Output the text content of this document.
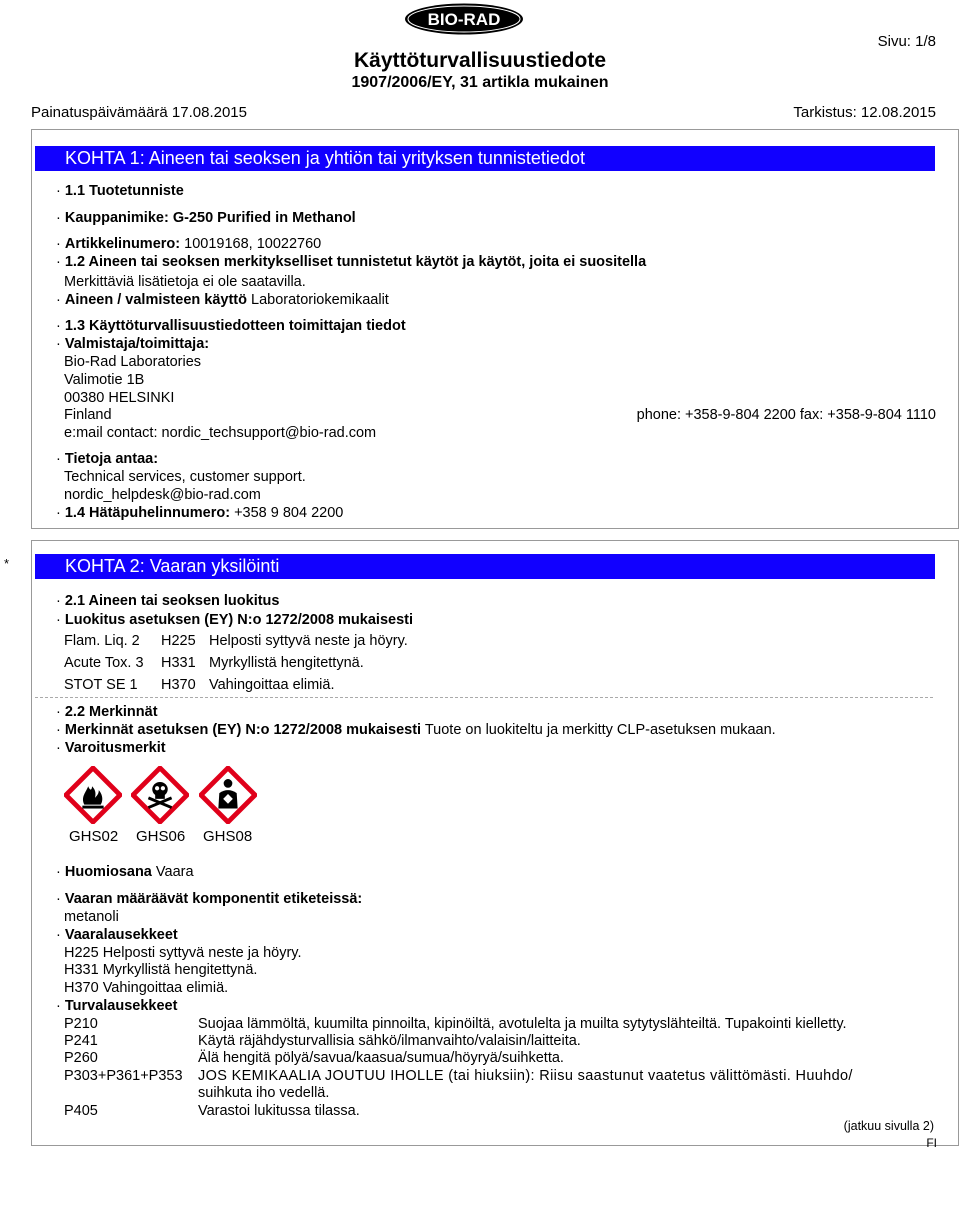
BIO-RAD
Sivu: 1/8
Käyttöturvallisuustiedote
1907/2006/EY, 31 artikla mukainen
Painatuspäivämäärä 17.08.2015	Tarkistus: 12.08.2015
KOHTA 1: Aineen tai seoksen ja yhtiön tai yrityksen tunnistetiedot
· 1.1 Tuotetunniste
· Kauppanimike: G-250 Purified in Methanol
· Artikkelinumero: 10019168, 10022760
· 1.2 Aineen tai seoksen merkitykselliset tunnistetut käytöt ja käytöt, joita ei suositella
Merkittäviä lisätietoja ei ole saatavilla.
· Aineen / valmisteen käyttö Laboratoriokemikaalit
· 1.3 Käyttöturvallisuustiedotteen toimittajan tiedot
· Valmistaja/toimittaja:
Bio-Rad Laboratories
Valimotie 1B
00380 HELSINKI
Finland	phone: +358-9-804 2200 fax: +358-9-804 1110
e:mail contact: nordic_techsupport@bio-rad.com
· Tietoja antaa:
Technical services, customer support.
nordic_helpdesk@bio-rad.com
· 1.4 Hätäpuhelinnumero: +358 9 804 2200
*	KOHTA 2: Vaaran yksilöinti
· 2.1 Aineen tai seoksen luokitus
· Luokitus asetuksen (EY) N:o 1272/2008 mukaisesti
Flam. Liq. 2 H225 Helposti syttyvä neste ja höyry.
Acute Tox. 3 H331 Myrkyllistä hengitettynä.
STOT SE 1 H370 Vahingoittaa elimiä.
· 2.2 Merkinnät
· Merkinnät asetuksen (EY) N:o 1272/2008 mukaisesti Tuote on luokiteltu ja merkitty CLP-asetuksen mukaan.
· Varoitusmerkit
GHS02 GHS06 GHS08
· Huomiosana Vaara
· Vaaran määräävät komponentit etiketeissä:
metanoli
· Vaaralausekkeet
H225 Helposti syttyvä neste ja höyry.
H331 Myrkyllistä hengitettynä.
H370 Vahingoittaa elimiä.
· Turvalausekkeet
P210	Suojaa lämmöltä, kuumilta pinnoilta, kipinöiltä, avotulelta ja muilta sytytyslähteiltä. Tupakointi kielletty.
P241	Käytä räjähdysturvallisia sähkö/ilmanvaihto/valaisin/laitteita.
P260	Älä hengitä pölyä/savua/kaasua/sumua/höyryä/suihketta.
P303+P361+P353 JOS KEMIKAALIA JOUTUU IHOLLE (tai hiuksiin): Riisu saastunut vaatetus välittömästi. Huuhdo/
suihkuta iho vedellä.
P405	Varastoi lukitussa tilassa.
(jatkuu sivulla 2)
FI
